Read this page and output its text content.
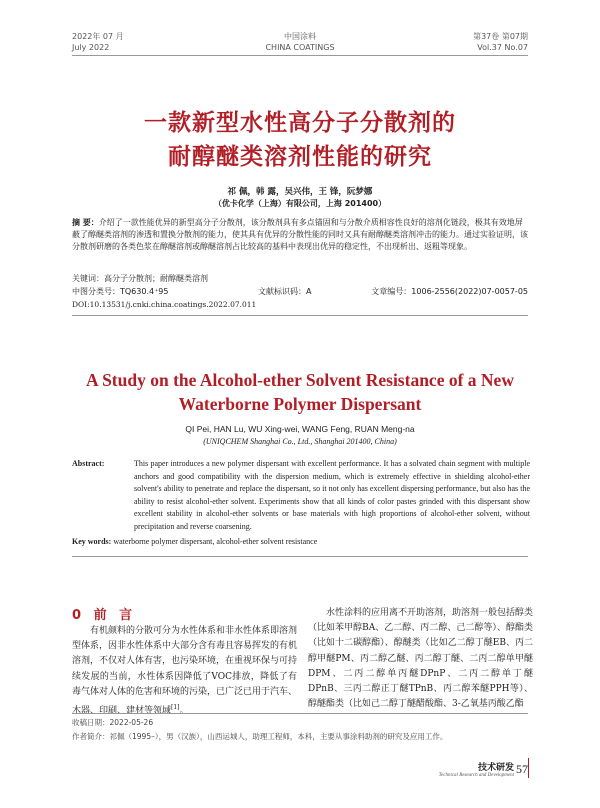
2022年 07 月
July 2022
中国涂料
CHINA COATINGS
第37卷 第07期
Vol.37 No.07
一款新型水性高分子分散剂的
耐醇醚类溶剂性能的研究
祁 佩，韩 露，吴兴伟，王 锋，阮梦娜
（优卡化学（上海）有限公司，上海 201400）
摘 要：介绍了一款性能优异的新型高分子分散剂，该分散剂具有多点锚固和与分散介质相容性良好的溶剂化链段，极其有效地屏蔽了醇醚类溶剂的渗透和置换分散剂的能力，使其具有优异的分散性能的同时又具有耐醇醚类溶剂冲击的能力。通过实验证明，该分散剂研磨的各类色浆在醇醚溶剂或醇醚溶剂占比较高的基料中表现出优异的稳定性，不出现析出、返粗等现象。
关键词：高分子分散剂；耐醇醚类溶剂
中图分类号：TQ630.4⁺95	文献标识码：A	文章编号：1006-2556(2022)07-0057-05
DOI:10.13531/j.cnki.china.coatings.2022.07.011
A Study on the Alcohol-ether Solvent Resistance of a New
Waterborne Polymer Dispersant
QI Pei, HAN Lu, WU Xing-wei, WANG Feng, RUAN Meng-na
(UNIQCHEM Shanghai Co., Ltd., Shanghai 201400, China)
Abstract:	This paper introduces a new polymer dispersant with excellent performance. It has a solvated chain segment with multiple anchors and good compatibility with the dispersion medium, which is extremely effective in shielding alcohol-ether solvent's ability to penetrate and replace the dispersant, so it not only has excellent dispersing performance, but also has the ability to resist alcohol-ether solvent. Experiments show that all kinds of color pastes grinded with this dispersant show excellent stability in alcohol-ether solvents or base materials with high proportions of alcohol-ether solvent, without precipitation and reverse coarsening.
Key words: waterborne polymer dispersant, alcohol-ether solvent resistance
0 前 言
有机颜料的分散可分为水性体系和非水性体系即溶剂型体系，因非水性体系中大部分含有毒且容易挥发的有机溶剂，不仅对人体有害，也污染环境，在重视环保与可持续发展的当前，水性体系因降低了VOC排放，降低了有毒气体对人体的危害和环境的污染，已广泛已用于汽车、木器、印刷、建材等领域[1]。
水性涂料的应用离不开助溶剂，助溶剂一般包括醇类（比如苯甲醇BA、乙二醇、丙二醇、己二醇等）、醇酯类（比如十二碳醇酯）、醇醚类（比如乙二醇丁醚EB、丙二醇甲醚PM、丙二醇乙醚、丙二醇丁醚、二丙二醇单甲醚DPM、二丙二醇单丙醚DPnP、二丙二醇单丁醚DPnB、三丙二醇正丁醚TPnB、丙二醇苯醚PPH等）、醇醚酯类（比如己二醇丁醚醋酸酯、3-乙氧基丙酸乙酯
收稿日期：2022-05-26
作者简介：祁佩（1995–），男（汉族），山西运城人，助理工程师，本科，主要从事涂料助剂的研究及应用工作。
技术研发
Technical Research and Development 57
